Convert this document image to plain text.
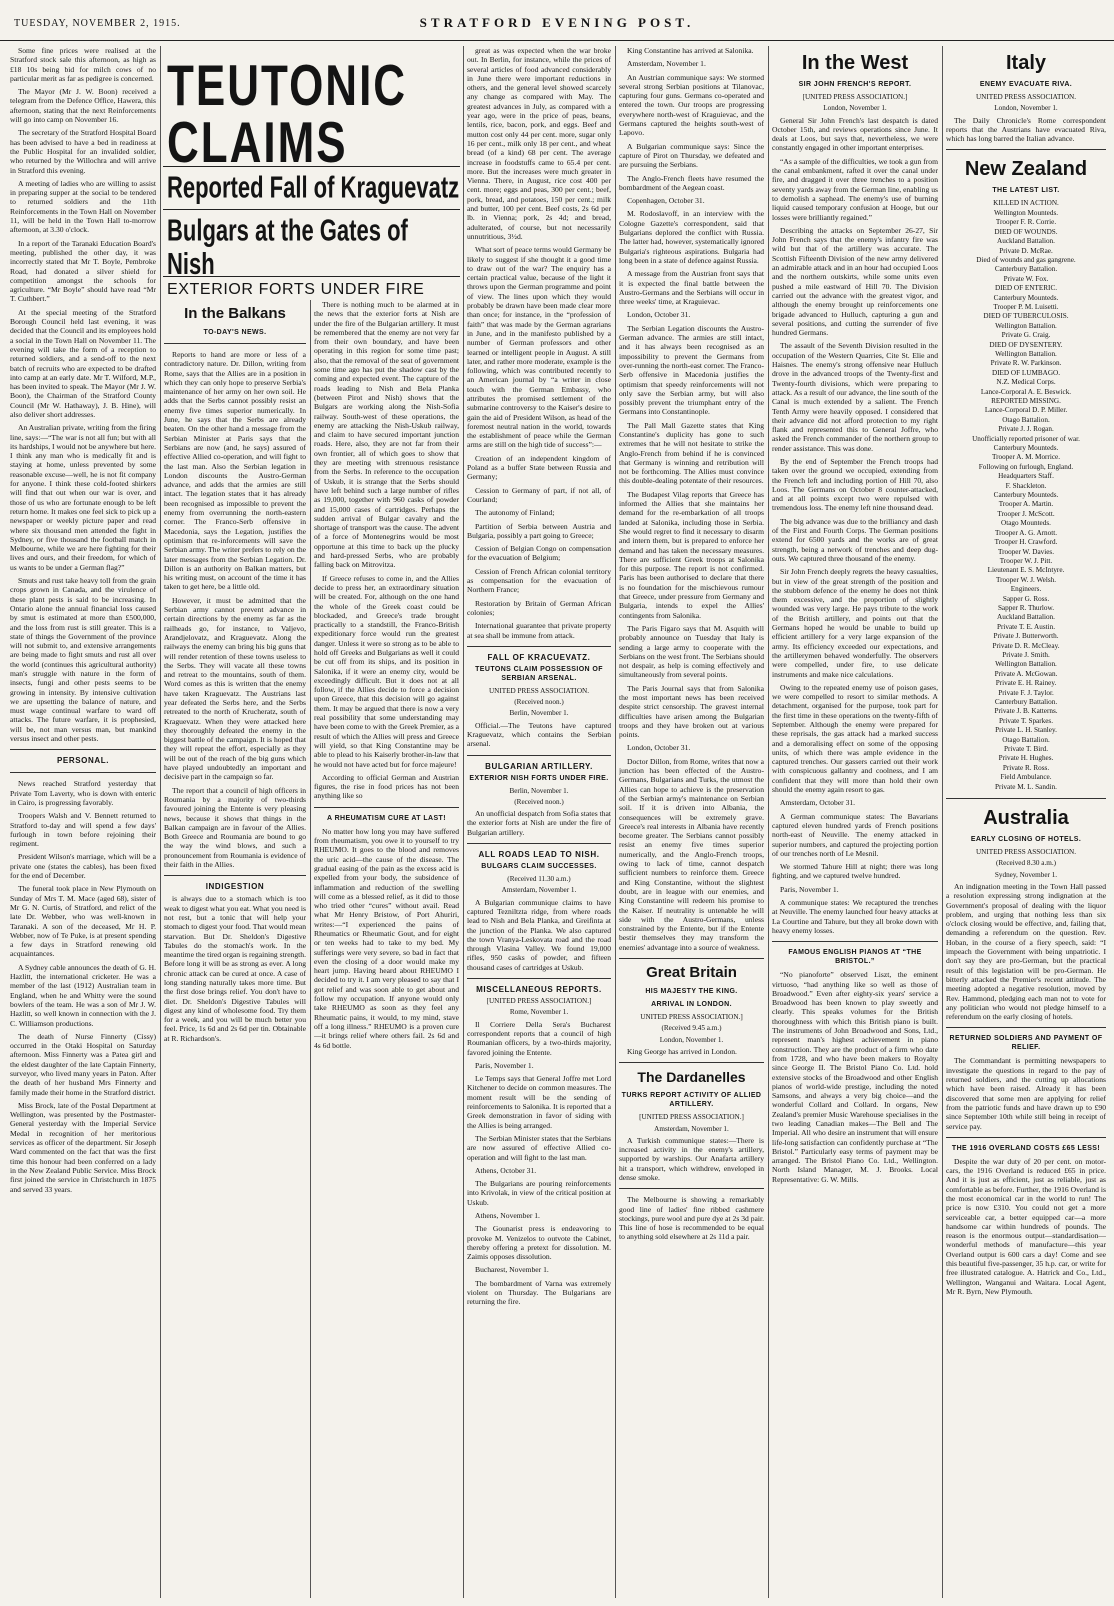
TUESDAY, NOVEMBER 2, 1915.	STRATFORD EVENING POST.

Some fine prices were realised at the Stratford stock sale this afternoon, as high as £18 10s being bid for milch cows of no particular merit as far as pedigree is concerned.

The Mayor (Mr J. W. Boon) received a telegram from the Defence Office, Hawera, this afternoon, stating that the next Reinforcements will go into camp on November 16.

The secretary of the Stratford Hospital Board has been advised to have a bed in readiness at the Public Hospital for an invalided soldier, who returned by the Willochra and will arrive in Stratford this evening.

A meeting of ladies who are willing to assist in preparing supper at the social to be tendered to returned soldiers and the 11th Reinforcements in the Town Hall on November 11, will be held in the Town Hall to-morrow afternoon, at 3.30 o'clock.

In a report of the Taranaki Education Board's meeting, published the other day, it was incorrectly stated that Mr T. Boyle, Pembroke Road, had donated a silver shield for competition amongst the schools for agriculture. “Mr Boyle” should have read “Mr T. Cuthbert.”

At the special meeting of the Stratford Borough Council held last evening, it was decided that the Council and its employees hold a social in the Town Hall on November 11. The evening will take the form of a reception to returned soldiers, and a send-off to the next batch of recruits who are expected to be drafted into camp at an early date. Mr T. Wilford, M.P., has been invited to speak. The Mayor (Mr J. W. Boon), the Chairman of the Stratford County Council (Mr W. Hathaway), J. B. Hine), will also deliver short addresses.

An Australian private, writing from the firing line, says:—“The war is not all fun; but with all its hardships, I would not be anywhere but here. I think any man who is medically fit and is staying at home, unless prevented by some reasonable excuse—well, he is not fit company for anyone. I think these cold-footed shirkers will find that out when our war is over, and those of us who are fortunate enough to be left return home. It makes one feel sick to pick up a newspaper or weekly picture paper and read where six thousand men attended the fight in Sydney, or five thousand the football match in Melbourne, while we are here fighting for their lives and ours, and their freedom, for which of us wants to be under a German flag?”

Smuts and rust take heavy toll from the grain crops grown in Canada, and the virulence of these plant pests is said to be increasing. In Ontario alone the annual financial loss caused by smut is estimated at more than £500,000, and the loss from rust is still greater. This is a state of things the Government of the province will not submit to, and extensive arrangements are being made to fight smuts and rust all over the world (continues this agricultural authority) man's struggle with nature in the form of insects, fungi and other pests seems to be growing in intensity. By intensive cultivation we are upsetting the balance of nature, and must wage continual warfare to ward off attacks. The future warfare, it is prophesied, will be, not man versus man, but mankind versus insect and other pests.

PERSONAL.

News reached Stratford yesterday that Private Tom Laverty, who is down with enteric in Cairo, is progressing favorably.

Troopers Walsh and V. Bennett returned to Stratford to-day and will spend a few days' furlough in town before rejoining their regiment.

President Wilson's marriage, which will be a private one (states the cables), has been fixed for the end of December.

The funeral took place in New Plymouth on Sunday of Mrs T. M. Mace (aged 68), sister of Mr G. N. Curtis, of Stratford, and relict of the late Dr. Webber, who was well-known in Taranaki. A son of the deceased, Mr H. P. Webber, now of Te Puke, is at present spending a few days in Stratford renewing old acquaintances.

A Sydney cable announces the death of G. H. Hazlitt, the international cricketer. He was a member of the last (1912) Australian team in England, when he and Whitty were the sound bowlers of the team. He was a son of Mr J. W. Hazlitt, so well known in connection with the J. C. Williamson productions.

The death of Nurse Finnerty (Cissy) occurred in the Otaki Hospital on Saturday afternoon. Miss Finnerty was a Patea girl and the eldest daughter of the late Captain Finnerty, surveyor, who lived many years in Paton. After the death of her husband Mrs Finnerty and family made their home in the Stratford district.

Miss Brock, late of the Postal Department at Wellington, was presented by the Postmaster-General yesterday with the Imperial Service Medal in recognition of her meritorious services as officer of the department. Sir Joseph Ward commented on the fact that was the first time this honour had been conferred on a lady in the New Zealand Public Service. Miss Brock first joined the service in Christchurch in 1875 and served 33 years.

TEUTONIC CLAIMS
Reported Fall of Kraguevatz
Bulgars at the Gates of Nish
EXTERIOR FORTS UNDER FIRE
In the Balkans
TO-DAY'S NEWS.

Reports to hand are more or less of a contradictory nature. Dr. Dillon, writing from Rome, says that the Allies are in a position in which they can only hope to preserve Serbia's maintenance of her army on her own soil. He adds that the Serbs cannot possibly resist an enemy five times superior numerically. In June, he says that the Serbs are already beaten. On the other hand a message from the Serbian Minister at Paris says that the Serbians are now (and, he says) assured of effective Allied co-operation, and will fight to the last man. Also the Serbian legation in London discounts the Austro-German advance, and adds that the armies are still intact. The legation states that it has already been recognised as impossible to prevent the enemy from overrunning the north-eastern corner. The Franco-Serb offensive in Macedonia, says the Legation, justifies the optimism that re-inforcements will save the Serbian army. The writer prefers to rely on the later messages from the Serbian Legation. Dr. Dillon is an authority on Balkan matters, but his writing must, on account of the time it has taken to get here, be a little old.

However, it must be admitted that the Serbian army cannot prevent advance in certain directions by the enemy as far as the railheads go, for instance, to Valjevo, Arandjelovatz, and Kraguevatz. Along the railways the enemy can bring his big guns that will render retention of these towns useless to the Serbs. They will vacate all these towns and retreat to the mountains, south of them. Word comes as this is written that the enemy have taken Kraguevatz. The Austrians last year defeated the Serbs here, and the Serbs retreated to the north of Krucheratz, south of Kraguevatz. When they were attacked here they thoroughly defeated the enemy in the biggest battle of the campaign. It is hoped that they will repeat the effort, especially as they will be out of the reach of the big guns which have played undoubtedly an important and decisive part in the campaign so far.

The report that a council of high officers in Roumania by a majority of two-thirds favoured joining the Entente is very pleasing news, because it shows that things in the Balkan campaign are in favour of the Allies. Both Greece and Roumania are bound to go the way the wind blows, and such a pronouncement from Roumania is evidence of their faith in the Allies.

INDIGESTION

is always due to a stomach which is too weak to digest what you eat. What you need is not rest, but a tonic that will help your stomach to digest your food. That would mean starvation. But Dr. Sheldon's Digestive Tabules do the stomach's work. In the meantime the tired organ is regaining strength. Before long it will be as strong as ever. A long chronic attack can be cured at once. A case of long standing naturally takes more time. But the first dose brings relief. You don't have to diet. Dr. Sheldon's Digestive Tabules will digest any kind of wholesome food. Try them for a week, and you will be much better you feel. Price, 1s 6d and 2s 6d per tin. Obtainable at R. Richardson's.

There is nothing much to be alarmed at in the news that the exterior forts at Nish are under the fire of the Bulgarian artillery. It must be remembered that the enemy are not very far from their own boundary, and have been operating in this region for some time past; also, that the removal of the seat of government some time ago has put the shadow cast by the coming and expected event. The capture of the roads leading to Nish and Bela Planka (between Pirot and Nish) shows that the Bulgars are working along the Nish-Sofia railway. South-west of these operations, the enemy are attacking the Nish-Uskub railway, and claim to have secured important junction roads. Here, also, they are not far from their own frontier, all of which goes to show that they are meeting with strenuous resistance from the Serbs. In reference to the occupation of Uskub, it is strange that the Serbs should have left behind such a large number of rifles as 19,000, together with 960 casks of powder and 15,000 cases of cartridges. Perhaps the sudden arrival of Bulgar cavalry and the shortage of transport was the cause. The advent of a force of Montenegrins would be most opportune at this time to back up the plucky and hard-pressed Serbs, who are probably falling back on Mitrovitza.

If Greece refuses to come in, and the Allies decide to press her, an extraordinary situation will be created. For, although on the one hand the whole of the Greek coast could be blockaded, and Greece's trade brought practically to a standstill, the Franco-British expeditionary force would run the greatest danger. Unless it were so strong as to be able to hold off Greeks and Bulgarians as well it could be cut off from its ships, and its position in Salonika, if it were an enemy city, would be exceedingly difficult. But it does not at all follow, if the Allies decide to force a decision upon Greece, that this decision will go against them. It may be argued that there is now a very real possibility that some understanding may have been come to with the Greek Premier, as a result of which the Allies will press and Greece will yield, so that King Constantine may be able to plead to his Kaiserly brother-in-law that he would not have acted but for force majeure!

According to official German and Austrian figures, the rise in food prices has not been anything like so

A RHEUMATISM CURE AT LAST!

No matter how long you may have suffered from rheumatism, you owe it to yourself to try RHEUMO. It goes to the blood and removes the uric acid—the cause of the disease. The gradual easing of the pain as the excess acid is expelled from your body, the subsidence of inflammation and reduction of the swelling will come as a blessed relief, as it did to those who tried other “cures” without avail. Read what Mr Henry Bristow, of Port Ahuriri, writes:—“I experienced the pains of Rheumatics or Rheumatic Gout, and for eight or ten weeks had to take to my bed. My sufferings were very severe, so bad in fact that even the closing of a door would make my heart jump. Having heard about RHEUMO I decided to try it. I am very pleased to say that I got relief and was soon able to get about and follow my occupation. If anyone would only take RHEUMO as soon as they feel any Rheumatic pains, it would, to my mind, stave off a long illness.” RHEUMO is a proven cure—it brings relief where others fail. 2s 6d and 4s 6d bottle.

great as was expected when the war broke out. In Berlin, for instance, while the prices of several articles of food advanced considerably in June there were important reductions in others, and the general level showed scarcely any change as compared with May. The greatest advances in July, as compared with a year ago, were in the price of peas, beans, lentils, rice, bacon, pork, and eggs. Beef and mutton cost only 44 per cent. more, sugar only 16 per cent., milk only 18 per cent., and wheat bread (of a kind) 68 per cent. The average increase in foodstuffs came to 65.4 per cent. more. But the increases were much greater in Vienna. There, in August, rice cost 400 per cent. more; eggs and peas, 300 per cent.; beef, pork, bread, and potatoes, 150 per cent.; milk and butter, 100 per cent. Beef costs, 2s 6d per lb. in Vienna; pork, 2s 4d; and bread, adulterated, of course, but not necessarily unnutritious, 3½d.

What sort of peace terms would Germany be likely to suggest if she thought it a good time to draw out of the war? The enquiry has a certain practical value, because of the light it throws upon the German programme and point of view. The lines upon which they would probably be drawn have been made clear more than once; for instance, in the “profession of faith” that was made by the German agrarians in June, and in the manifesto published by a number of German professors and other learned or intelligent people in August. A still later, and rather more moderate, example is the following, which was contributed recently to an American journal by “a writer in close touch with the German Embassy, who attributes the promised settlement of the submarine controversy to the Kaiser's desire to gain the aid of President Wilson, as head of the foremost neutral nation in the world, towards the establishment of peace while the German arms are still on the high tide of success”:—

Creation of an independent kingdom of Poland as a buffer State between Russia and Germany;

Cession to Germany of part, if not all, of Courland;

The autonomy of Finland;

Partition of Serbia between Austria and Bulgaria, possibly a part going to Greece;

Cession of Belgian Congo on compensation for the evacuation of Belgium;

Cession of French African colonial territory as compensation for the evacuation of Northern France;

Restoration by Britain of German African colonies;

International guarantee that private property at sea shall be immune from attack.

FALL OF KRACUEVATZ.
TEUTONS CLAIM POSSESSION OF SERBIAN ARSENAL.
UNITED PRESS ASSOCIATION.
(Received noon.)
Berlin, November 1.

Official.—The Teutons have captured Kraguevatz, which contains the Serbian arsenal.

BULGARIAN ARTILLERY.
EXTERIOR NISH FORTS UNDER FIRE.
Berlin, November 1.
(Received noon.)

An unofficial despatch from Sofia states that the exterior forts at Nish are under the fire of Bulgarian artillery.

ALL ROADS LEAD TO NISH.
BULGARS CLAIM SUCCESSES.
(Received 11.30 a.m.)
Amsterdam, November 1.

A Bulgarian communique claims to have captured Tezniltzta ridge, from where roads lead to Nish and Bela Planka, and Greifinta at the junction of the Planka. We also captured the town Vranya-Leskovata road and the road through Vlasina Valley. We found 19,000 rifles, 950 casks of powder, and fifteen thousand cases of cartridges at Uskub.

MISCELLANEOUS REPORTS.
[UNITED PRESS ASSOCIATION.]
Rome, November 1.

Il Corriere Della Sera's Bucharest correspondent reports that a council of high Roumanian officers, by a two-thirds majority, favored joining the Entente.

Paris, November 1.

Le Temps says that General Joffre met Lord Kitchener to decide on common measures. The moment result will be the sending of reinforcements to Salonika. It is reported that a Greek demonstration in favor of siding with the Allies is being arranged.

The Serbian Minister states that the Serbians are now assured of effective Allied co-operation and will fight to the last man.

Athens, October 31.

The Bulgarians are pouring reinforcements into Krivolak, in view of the critical position at Uskub.

Athens, November 1.

The Gounarist press is endeavoring to provoke M. Venizelos to outvote the Cabinet, thereby offering a pretext for dissolution. M. Zaimis opposes dissolution.

Bucharest, November 1.

The bombardment of Varna was extremely violent on Thursday. The Bulgarians are returning the fire.

King Constantine has arrived at Salonika.

Amsterdam, November 1.

An Austrian communique says: We stormed several strong Serbian positions at Tilanovac, capturing four guns. Germans co-operated and entered the town. Our troops are progressing everywhere north-west of Kraguievac, and the Germans captured the heights south-west of Lapovo.

A Bulgarian communique says: Since the capture of Pirot on Thursday, we defeated and are pursuing the Serbians.

The Anglo-French fleets have resumed the bombardment of the Aegean coast.

Copenhagen, October 31.

M. Rodoslavoff, in an interview with the Cologne Gazette's correspondent, said that Bulgarians deplored the conflict with Russia. The latter had, however, systematically ignored Bulgaria's righteous aspirations. Bulgaria had long been in a state of defence against Russia.

A message from the Austrian front says that it is expected the final battle between the Austro-Germans and the Serbians will occur in three weeks' time, at Kraguievac.

London, October 31.

The Serbian Legation discounts the Austro-German advance. The armies are still intact, and it has always been recognised as an impossibility to prevent the Germans from over-running the north-east corner. The Franco-Serb offensive in Macedonia justifies the optimism that speedy reinforcements will not only save the Serbian army, but will also possibly prevent the triumphant entry of the Germans into Constantinople.

The Pall Mall Gazette states that King Constantine's duplicity has gone to such extremes that he will not hesitate to strike the Anglo-French from behind if he is convinced that Germany is winning and retribution will not be forthcoming. The Allies must convince this double-dealing potentate of their resources.

The Budapest Vilag reports that Greece has informed the Allies that she maintains her demand for the re-embarkation of all troops landed at Salonika, including those in Serbia. She would regret to find it necessary to disarm and intern them, but is prepared to enforce her demand and has taken the necessary measures. There are sufficient Greek troops at Salonika for this purpose. The report is not confirmed. Paris has been authorised to declare that there is no foundation for the mischievous rumour that Greece, under pressure from Germany and Bulgaria, intends to expel the Allies' contingents from Salonika.

The Paris Figaro says that M. Asquith will probably announce on Tuesday that Italy is sending a large army to cooperate with the Serbians on the west front. The Serbians should not despair, as help is coming effectively and simultaneously from several points.

The Paris Journal says that from Salonika the most important news has been received despite strict censorship. The gravest internal difficulties have arisen among the Bulgarian troops and they have broken out at various points.

London, October 31.

Doctor Dillon, from Rome, writes that now a junction has been effected of the Austro-Germans, Bulgarians and Turks, the utmost the Allies can hope to achieve is the preservation of the Serbian army's maintenance on Serbian soil. If it is driven into Albania, the consequences will be extremely grave. Greece's real interests in Albania have recently become greater. The Serbians cannot possibly resist an enemy five times superior numerically, and the Anglo-French troops, owing to lack of time, cannot despatch sufficient numbers to reinforce them. Greece and King Constantine, without the slightest doubt, are in league with our enemies, and King Constantine will redeem his promise to the Kaiser. If neutrality is untenable he will side with the Austro-Germans, unless constrained by the Entente, but if the Entente bestir themselves they may transform the enemies' advantage into a source of weakness.

Great Britain
HIS MAJESTY THE KING.
ARRIVAL IN LONDON.
UNITED PRESS ASSOCIATION.]
(Received 9.45 a.m.)
London, November 1.

King George has arrived in London.

The Dardanelles
TURKS REPORT ACTIVITY OF ALLIED ARTILLERY.
[UNITED PRESS ASSOCIATION.]
Amsterdam, November 1.

A Turkish communique states:—There is increased activity in the enemy's artillery, supported by warships. Our Anafarta artillery hit a transport, which withdrew, enveloped in dense smoke.

The Melbourne is showing a remarkably good line of ladies' fine ribbed cashmere stockings, pure wool and pure dye at 2s 3d pair. This line of hose is recommended to be equal to anything sold elsewhere at 2s 11d a pair.

In the West
SIR JOHN FRENCH'S REPORT.
[UNITED PRESS ASSOCIATION.]
London, November 1.

General Sir John French's last despatch is dated October 15th, and reviews operations since June. It deals at Loos, but says that, nevertheless, we were constantly engaged in other important enterprises.

“As a sample of the difficulties, we took a gun from the canal embankment, rafted it over the canal under fire, and dragged it over three trenches to a position seventy yards away from the German line, enabling us to demolish a saphead. The enemy's use of burning liquid caused temporary confusion at Hooge, but our losses were brilliantly regained.”

Describing the attacks on September 26-27, Sir John French says that the enemy's infantry fire was wild but that of the artillery was accurate. The Scottish Fifteenth Division of the new army delivered an admirable attack and in an hour had occupied Loos and the northern outskirts, while some units even pushed a mile eastward of Hill 70. The Division carried out the advance with the greatest vigor, and although the enemy brought up reinforcements one brigade advanced to Hulluch, capturing a gun and several positions, and cutting the surrender of five hundred Germans.

The assault of the Seventh Division resulted in the occupation of the Western Quarries, Cite St. Elie and Haisnes. The enemy's strong offensive near Hulluch drove in the advanced troops of the Twenty-first and Twenty-fourth divisions, which were preparing to attack. As a result of our advance, the line south of the Canal is much extended by a salient. The French Tenth Army were heavily opposed. I considered that their advance did not afford protection to my right flank and represented this to General Joffre, who asked the French commander of the northern group to render assistance. This was done.

By the end of September the French troops had taken over the ground we occupied, extending from the French left and including portion of Hill 70, also Loos. The Germans on October 8 counter-attacked, and at all points except two were repulsed with tremendous loss. The enemy left nine thousand dead.

The big advance was due to the brilliancy and dash of the First and Fourth Corps. The German positions extend for 6500 yards and the works are of great strength, being a network of trenches and deep dug-outs. We captured three thousand of the enemy.

Sir John French deeply regrets the heavy casualties, but in view of the great strength of the position and the stubborn defence of the enemy he does not think them excessive, and the proportion of slightly wounded was very large. He pays tribute to the work of the British artillery, and points out that the Germans hoped he would be unable to build up efficient artillery for a very large expansion of the army. Its efficiency exceeded our expectations, and the artillerymen behaved wonderfully. The observers were compelled, under fire, to use delicate instruments and make nice calculations.

Owing to the repeated enemy use of poison gases, we were compelled to resort to similar methods. A detachment, organised for the purpose, took part for the first time in these operations on the twenty-fifth of September. Although the enemy were prepared for these reprisals, the gas attack had a marked success and a demoralising effect on some of the opposing units, of which there was ample evidence in the captured trenches. Our gassers carried out their work with conspicuous gallantry and coolness, and I am confident that they will more than hold their own should the enemy again resort to gas.

Amsterdam, October 31.

A German communique states: The Bavarians captured eleven hundred yards of French positions north-east of Neuville. The enemy attacked in superior numbers, and captured the projecting portion of our trenches north of Le Mesnil.

We stormed Tahure Hill at night; there was long fighting, and we captured twelve hundred.

Paris, November 1.

A communique states: We recaptured the trenches at Neuville. The enemy launched four heavy attacks at La Courtine and Tahure, but they all broke down with heavy enemy losses.

FAMOUS ENGLISH PIANOS AT “THE BRISTOL.”

“No pianoforte” observed Liszt, the eminent virtuoso, “had anything like so well as those of Broadwood.” Even after eighty-six years' service a Broadwood has been known to play sweetly and clearly. This speaks volumes for the British thoroughness with which this British piano is built. The instruments of John Broadwood and Sons, Ltd., represent man's highest achievement in piano construction. They are the product of a firm who date from 1728, and who have been makers to Royalty since George II. The Bristol Piano Co. Ltd. hold extensive stocks of the Broadwood and other English pianos of world-wide prestige, including the noted Samsons, and always a very big choice—and the wonderful Collard and Collard. In organs, New Zealand's premier Music Warehouse specialises in the two leading Canadian makes—The Bell and The Imperial. All who desire an instrument that will ensure life-long satisfaction can confidently purchase at “The Bristol.” Particularly easy terms of payment may be arranged. The Bristol Piano Co. Ltd., Wellington. North Island Manager, M. J. Brooks. Local Representative: G. W. Mills.

Italy
ENEMY EVACUATE RIVA.
UNITED PRESS ASSOCIATION.
London, November 1.

The Daily Chronicle's Rome correspondent reports that the Austrians have evacuated Riva, which has long barred the Italian advance.

New Zealand
THE LATEST LIST.
KILLED IN ACTION.
Wellington Mounteds.
Trooper F. R. Corrie.
DIED OF WOUNDS.
Auckland Battalion.
Private D. McRae.
Died of wounds and gas gangrene.
Canterbury Battalion.
Private W. Fox.
DIED OF ENTERIC.
Canterbury Mounteds.
Trooper P. M. Luisetti.
DIED OF TUBERCULOSIS.
Wellington Battalion.
Private G. Craig.
DIED OF DYSENTERY.
Wellington Battalion.
Private R. W. Parkinson.
DIED OF LUMBAGO.
N.Z. Medical Corps.
Lance-Corporal A. E. Beswick.
REPORTED MISSING.
Lance-Corporal D. P. Miller.
Otago Battalion.
Private J. J. Rogan.
Unofficially reported prisoner of war.
Canterbury Mounteds.
Trooper A. M. Morrice.
Following on furlough, England.
Headquarters Staff.
F. Shackleton.
Canterbury Mounteds.
Trooper A. Martin.
Trooper J. McScott.
Otago Mounteds.
Trooper A. G. Arnott.
Trooper H. Crawford.
Trooper W. Davies.
Trooper W. J. Pitt.
Lieutenant E. S. McIntyre.
Trooper W. J. Welsh.
Engineers.
Sapper G. Ross.
Sapper R. Thurlow.
Auckland Battalion.
Private T. E. Austin.
Private J. Butterworth.
Private D. R. McCleay.
Private J. Smith.
Wellington Battalion.
Private A. McGowan.
Private E. H. Rainey.
Private F. J. Taylor.
Canterbury Battalion.
Private J. B. Katterns.
Private T. Sparkes.
Private L. H. Stanley.
Otago Battalion.
Private T. Bird.
Private H. Hughes.
Private R. Ross.
Field Ambulance.
Private M. L. Sandin.
Australia
EARLY CLOSING OF HOTELS.
UNITED PRESS ASSOCIATION.
(Received 8.30 a.m.)
Sydney, November 1.

An indignation meeting in the Town Hall passed a resolution expressing strong indignation at the Government's proposal of dealing with the liquor problem, and urging that nothing less than six o'clock closing would be effective, and, failing that, demanding a referendum on the question. Rev. Hoban, in the course of a fiery speech, said: “I impeach the Government with being unpatriotic. I don't say they are pro-German, but the practical result of this legislation will be pro-German. He bitterly attacked the Premier's recent attitude. The meeting adopted a negative resolution, moved by Rev. Hammond, pledging each man not to vote for any politician who would not pledge himself to a referendum on the early closing of hotels.

RETURNED SOLDIERS AND PAYMENT OF RELIEF.

The Commandant is permitting newspapers to investigate the questions in regard to the pay of returned soldiers, and the cutting up allocations which have been raised. Already it has been discovered that some men are applying for relief from the patriotic funds and have drawn up to £90 since September 10th while still being in receipt of service pay.

THE 1916 OVERLAND COSTS £65 LESS!

Despite the war duty of 20 per cent. on motor-cars, the 1916 Overland is reduced £65 in price. And it is just as efficient, just as reliable, just as comfortable as before. Further, the 1916 Overland is the most economical car in the world to run! The price is now £310. You could not get a more serviceable car, a better equipped car—a more handsome car within hundreds of pounds. The reason is the enormous output—standardisation—wonderful methods of manufacture—this year Overland output is 600 cars a day! Come and see this beautiful five-passenger, 35 h.p. car, or write for free illustrated catalogue. A. Hatrick and Co., Ltd., Wellington, Wanganui and Waitara. Local Agent, Mr R. Byrn, New Plymouth.
